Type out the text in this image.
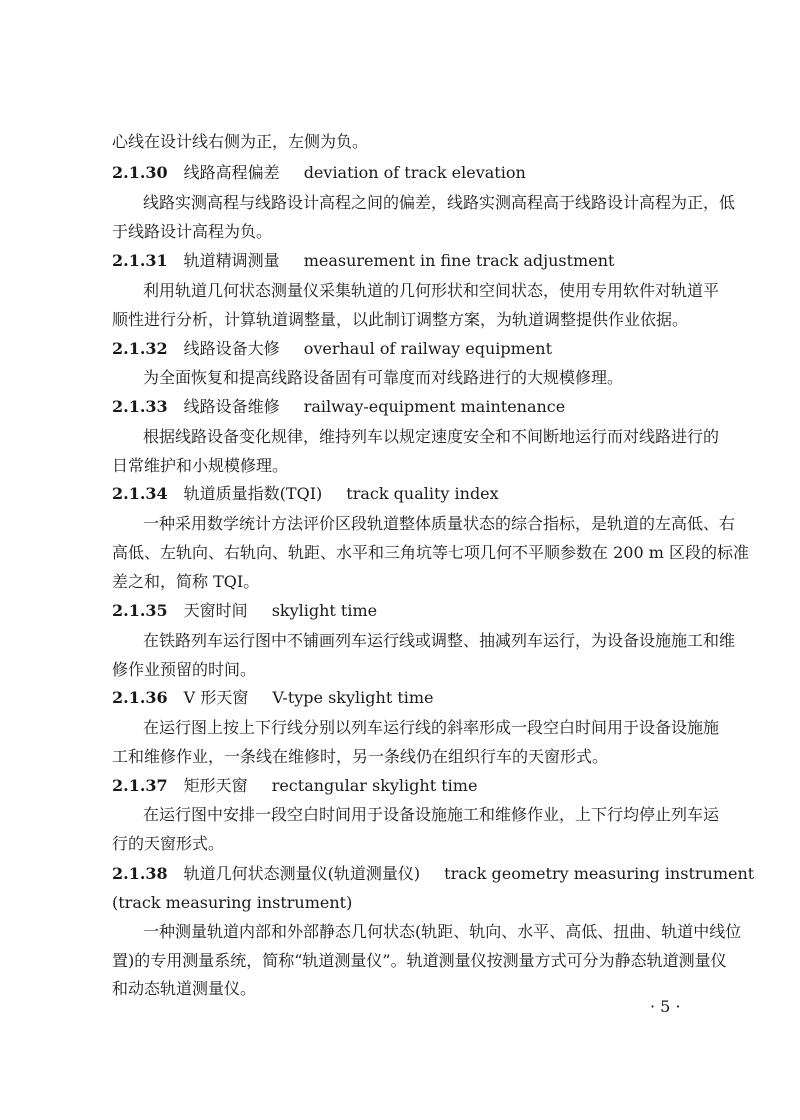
心线在设计线右侧为正，左侧为负。
2.1.30 线路高程偏差 deviation of track elevation
线路实测高程与线路设计高程之间的偏差，线路实测高程高于线路设计高程为正，低
于线路设计高程为负。
2.1.31 轨道精调测量 measurement in fine track adjustment
利用轨道几何状态测量仪采集轨道的几何形状和空间状态，使用专用软件对轨道平
顺性进行分析，计算轨道调整量，以此制订调整方案，为轨道调整提供作业依据。
2.1.32 线路设备大修 overhaul of railway equipment
为全面恢复和提高线路设备固有可靠度而对线路进行的大规模修理。
2.1.33 线路设备维修 railway-equipment maintenance
根据线路设备变化规律，维持列车以规定速度安全和不间断地运行而对线路进行的
日常维护和小规模修理。
2.1.34 轨道质量指数(TQI) track quality index
一种采用数学统计方法评价区段轨道整体质量状态的综合指标，是轨道的左高低、右
高低、左轨向、右轨向、轨距、水平和三角坑等七项几何不平顺参数在 200 m 区段的标准
差之和，简称 TQI。
2.1.35 天窗时间 skylight time
在铁路列车运行图中不铺画列车运行线或调整、抽减列车运行，为设备设施施工和维
修作业预留的时间。
2.1.36 V 形天窗 V-type skylight time
在运行图上按上下行线分别以列车运行线的斜率形成一段空白时间用于设备设施施
工和维修作业，一条线在维修时，另一条线仍在组织行车的天窗形式。
2.1.37 矩形天窗 rectangular skylight time
在运行图中安排一段空白时间用于设备设施施工和维修作业，上下行均停止列车运
行的天窗形式。
2.1.38 轨道几何状态测量仪(轨道测量仪) track geometry measuring instrument
(track measuring instrument)
一种测量轨道内部和外部静态几何状态(轨距、轨向、水平、高低、扭曲、轨道中线位
置)的专用测量系统，简称“轨道测量仪”。轨道测量仪按测量方式可分为静态轨道测量仪
和动态轨道测量仪。
· 5 ·
